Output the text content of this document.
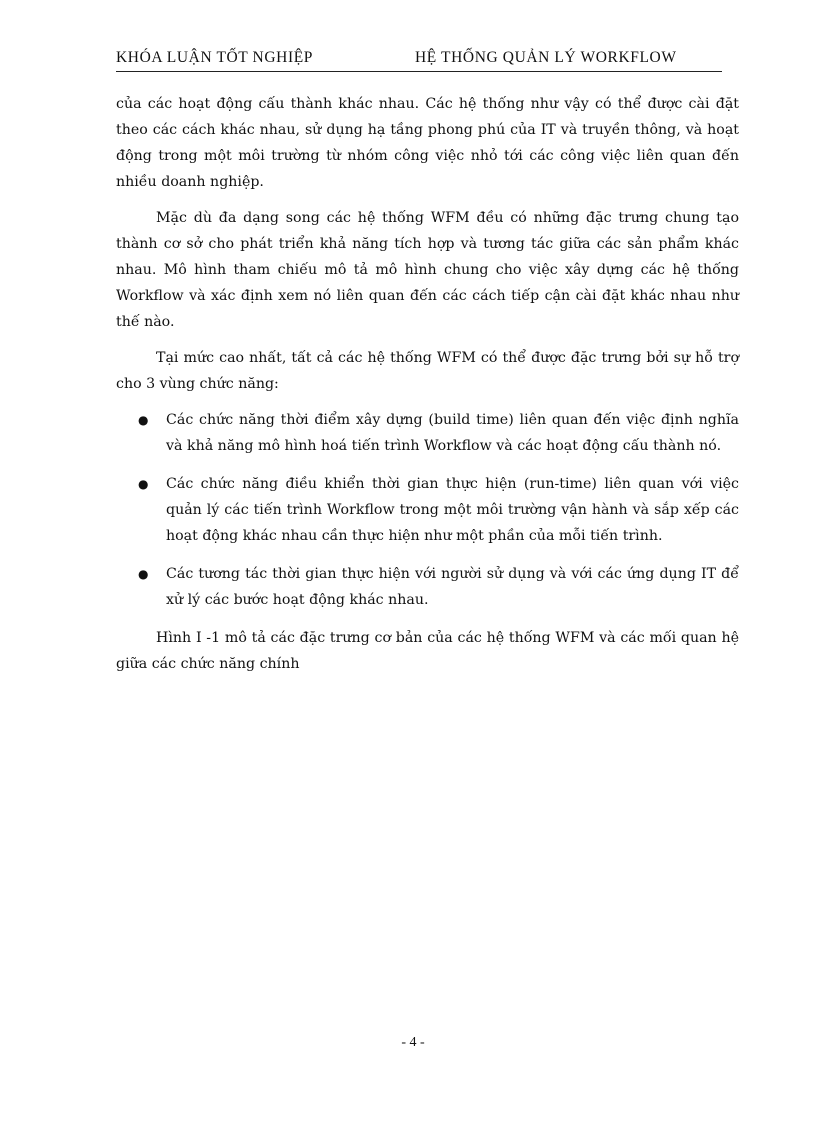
KHÓA LUẬN TỐT NGHIỆP	HỆ THỐNG QUẢN LÝ WORKFLOW

của các hoạt động cấu thành khác nhau. Các hệ thống như vậy có thể được cài đặt theo các cách khác nhau, sử dụng hạ tầng phong phú của IT và truyền thông, và hoạt động trong một môi trường từ nhóm công việc nhỏ tới các công việc liên quan đến nhiều doanh nghiệp.

Mặc dù đa dạng song các hệ thống WFM đều có những đặc trưng chung tạo thành cơ sở cho phát triển khả năng tích hợp và tương tác giữa các sản phẩm khác nhau. Mô hình tham chiếu mô tả mô hình chung cho việc xây dựng các hệ thống Workflow và xác định xem nó liên quan đến các cách tiếp cận cài đặt khác nhau như thế nào.

Tại mức cao nhất, tất cả các hệ thống WFM có thể được đặc trưng bởi sự hỗ trợ cho 3 vùng chức năng:

● Các chức năng thời điểm xây dựng (build time) liên quan đến việc định nghĩa và khả năng mô hình hoá tiến trình Workflow và các hoạt động cấu thành nó.
● Các chức năng điều khiển thời gian thực hiện (run-time) liên quan với việc quản lý các tiến trình Workflow trong một môi trường vận hành và sắp xếp các hoạt động khác nhau cần thực hiện như một phần của mỗi tiến trình.
● Các tương tác thời gian thực hiện với người sử dụng và với các ứng dụng IT để xử lý các bước hoạt động khác nhau.

Hình I -1 mô tả các đặc trưng cơ bản của các hệ thống WFM và các mối quan hệ giữa các chức năng chính

- 4 -
